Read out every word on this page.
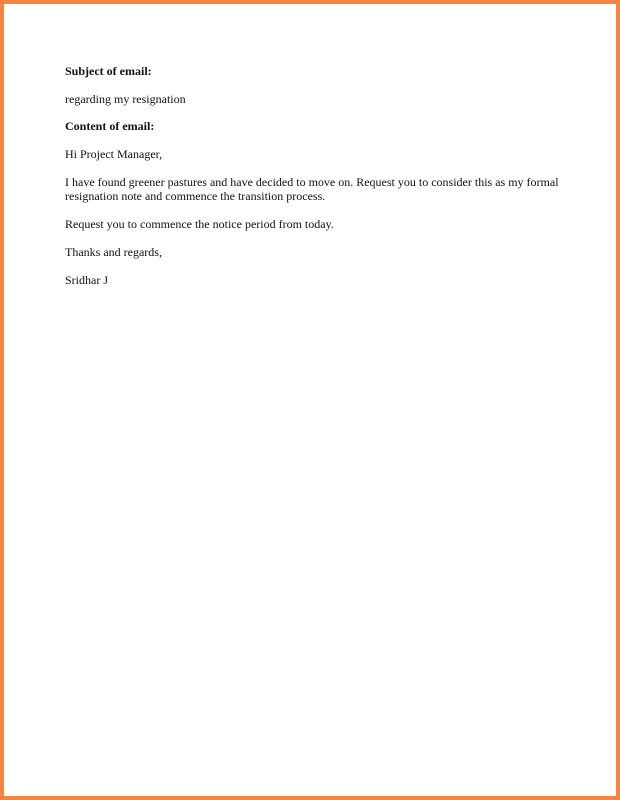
Subject of email:

regarding my resignation

Content of email:

Hi Project Manager,

I have found greener pastures and have decided to move on. Request you to consider this as my formal
resignation note and commence the transition process.

Request you to commence the notice period from today.

Thanks and regards,

Sridhar J
